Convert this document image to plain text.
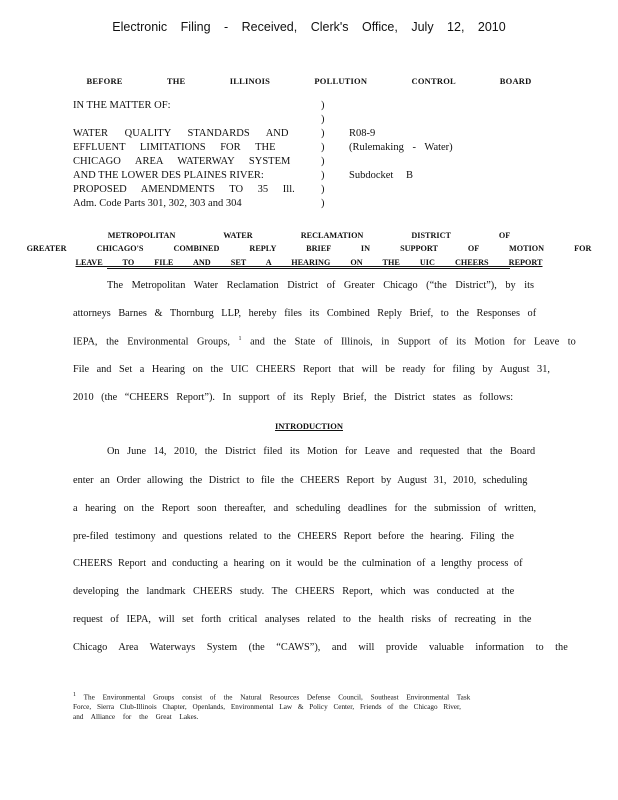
Electronic Filing - Received, Clerk's Office, July 12, 2010
BEFORE THE ILLINOIS POLLUTION CONTROL BOARD
IN THE MATTER OF:
WATER QUALITY STANDARDS AND
EFFLUENT LIMITATIONS FOR THE
CHICAGO AREA WATERWAY SYSTEM
AND THE LOWER DES PLAINES RIVER:
PROPOSED AMENDMENTS TO 35 Ill.
Adm. Code Parts 301, 302, 303 and 304
)
)
)
)
)
)
)
)
R08-9
(Rulemaking - Water)
Subdocket B
METROPOLITAN WATER RECLAMATION DISTRICT OF
GREATER CHICAGO'S COMBINED REPLY BRIEF IN SUPPORT OF MOTION FOR
LEAVE TO FILE AND SET A HEARING ON THE UIC CHEERS REPORT
The Metropolitan Water Reclamation District of Greater Chicago (“the District”), by its
attorneys Barnes & Thornburg LLP, hereby files its Combined Reply Brief, to the Responses of
IEPA, the Environmental Groups, $^1$ and the State of Illinois, in Support of its Motion for Leave to
File and Set a Hearing on the UIC CHEERS Report that will be ready for filing by August 31,
2010 (the “CHEERS Report”). In support of its Reply Brief, the District states as follows:
INTRODUCTION
On June 14, 2010, the District filed its Motion for Leave and requested that the Board
enter an Order allowing the District to file the CHEERS Report by August 31, 2010, scheduling
a hearing on the Report soon thereafter, and scheduling deadlines for the submission of written,
pre-filed testimony and questions related to the CHEERS Report before the hearing. Filing the
CHEERS Report and conducting a hearing on it would be the culmination of a lengthy process of
developing the landmark CHEERS study. The CHEERS Report, which was conducted at the
request of IEPA, will set forth critical analyses related to the health risks of recreating in the
Chicago Area Waterways System (the “CAWS”), and will provide valuable information to the
$^1$ The Environmental Groups consist of the Natural Resources Defense Council, Southeast Environmental Task
Force, Sierra Club-Illinois Chapter, Openlands, Environmental Law & Policy Center, Friends of the Chicago River,
and Alliance for the Great Lakes.
